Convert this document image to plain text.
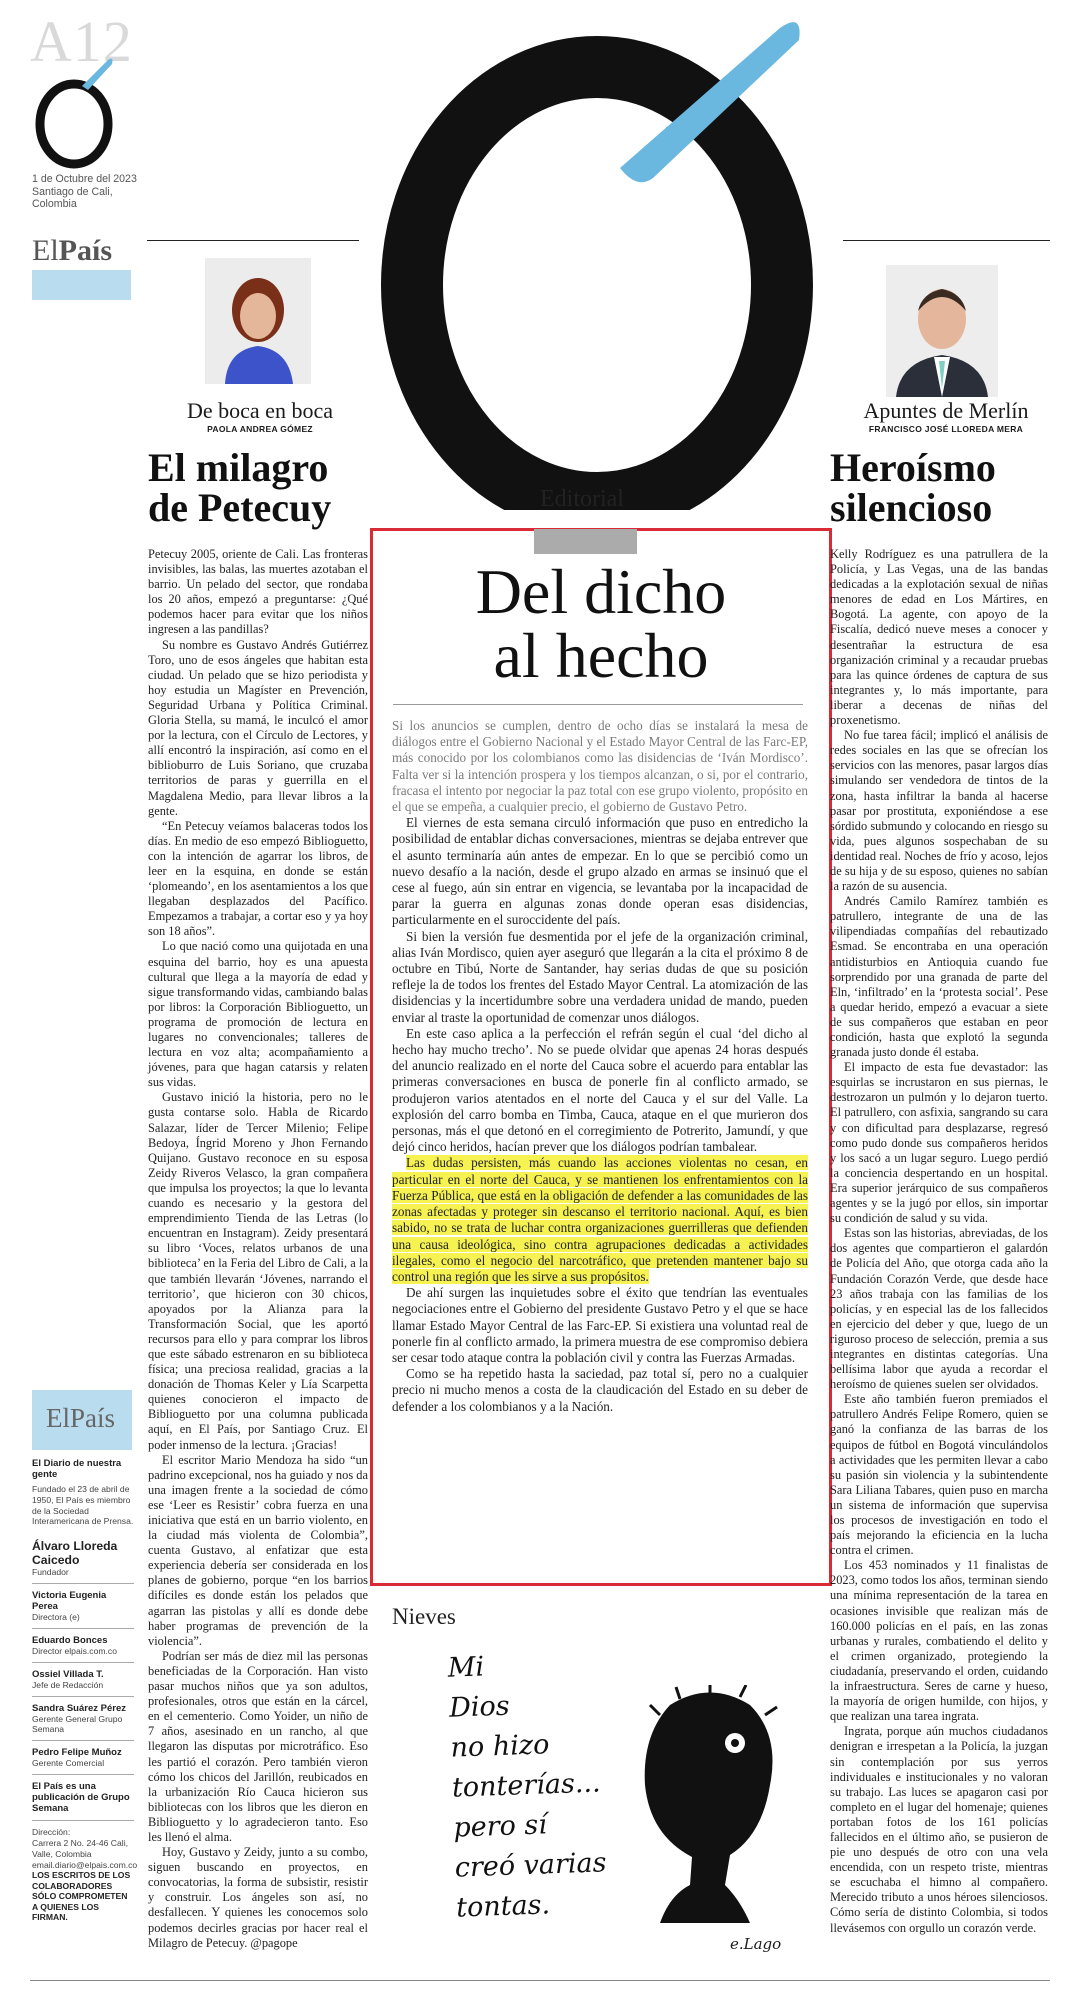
A12
1 de Octubre del 2023 Santiago de Cali, Colombia
ElPaís
De boca en boca
PAOLA ANDREA GÓMEZ
El milagro
de Petecuy

Petecuy 2005, oriente de Cali. Las fronteras invisibles, las balas, las muertes azotaban el barrio. Un pelado del sector, que rondaba los 20 años, empezó a preguntarse: ¿Qué podemos hacer para evitar que los niños ingresen a las pandillas?

Su nombre es Gustavo Andrés Gutiérrez Toro, uno de esos ángeles que habitan esta ciudad. Un pelado que se hizo periodista y hoy estudia un Magíster en Prevención, Seguridad Urbana y Política Criminal. Gloria Stella, su mamá, le inculcó el amor por la lectura, con el Círculo de Lectores, y allí encontró la inspiración, así como en el biblioburro de Luis Soriano, que cruzaba territorios de paras y guerrilla en el Magdalena Medio, para llevar libros a la gente.

“En Petecuy veíamos balaceras todos los días. En medio de eso empezó Biblioguetto, con la intención de agarrar los libros, de leer en la esquina, en donde se están ‘plomeando’, en los asentamientos a los que llegaban desplazados del Pacífico. Empezamos a trabajar, a cortar eso y ya hoy son 18 años”.

Lo que nació como una quijotada en una esquina del barrio, hoy es una apuesta cultural que llega a la mayoría de edad y sigue transformando vidas, cambiando balas por libros: la Corporación Biblioguetto, un programa de promoción de lectura en lugares no convencionales; talleres de lectura en voz alta; acompañamiento a jóvenes, para que hagan catarsis y relaten sus vidas.

Gustavo inició la historia, pero no le gusta contarse solo. Habla de Ricardo Salazar, líder de Tercer Milenio; Felipe Bedoya, Íngrid Moreno y Jhon Fernando Quijano. Gustavo reconoce en su esposa Zeidy Riveros Velasco, la gran compañera que impulsa los proyectos; la que lo levanta cuando es necesario y la gestora del emprendimiento Tienda de las Letras (lo encuentran en Instagram). Zeidy presentará su libro ‘Voces, relatos urbanos de una biblioteca’ en la Feria del Libro de Cali, a la que también llevarán ‘Jóvenes, narrando el territorio’, que hicieron con 30 chicos, apoyados por la Alianza para la Transformación Social, que les aportó recursos para ello y para comprar los libros que este sábado estrenaron en su biblioteca física; una preciosa realidad, gracias a la donación de Thomas Keler y Lía Scarpetta quienes conocieron el impacto de Biblioguetto por una columna publicada aquí, en El País, por Santiago Cruz. El poder inmenso de la lectura. ¡Gracias!

El escritor Mario Mendoza ha sido “un padrino excepcional, nos ha guiado y nos da una imagen frente a la sociedad de cómo ese ‘Leer es Resistir’ cobra fuerza en una iniciativa que está en un barrio violento, en la ciudad más violenta de Colombia”, cuenta Gustavo, al enfatizar que esta experiencia debería ser considerada en los planes de gobierno, porque “en los barrios difíciles es donde están los pelados que agarran las pistolas y allí es donde debe haber programas de prevención de la violencia”.

Podrían ser más de diez mil las personas beneficiadas de la Corporación. Han visto pasar muchos niños que ya son adultos, profesionales, otros que están en la cárcel, en el cementerio. Como Yoider, un niño de 7 años, asesinado en un rancho, al que llegaron las disputas por microtráfico. Eso les partió el corazón. Pero también vieron cómo los chicos del Jarillón, reubicados en la urbanización Río Cauca hicieron sus bibliotecas con los libros que les dieron en Biblioguetto y lo agradecieron tanto. Eso les llenó el alma.

Hoy, Gustavo y Zeidy, junto a su combo, siguen buscando en proyectos, en convocatorias, la forma de subsistir, resistir y construir. Los ángeles son así, no desfallecen. Y quienes les conocemos solo podemos decirles gracias por hacer real el Milagro de Petecuy. @pagope

Editorial
Del dicho
al hecho

Si los anuncios se cumplen, dentro de ocho días se instalará la mesa de diálogos entre el Gobierno Nacional y el Estado Mayor Central de las Farc-EP, más conocido por los colombianos como las disidencias de ‘Iván Mordisco’. Falta ver si la intención prospera y los tiempos alcanzan, o si, por el contrario, fracasa el intento por negociar la paz total con ese grupo violento, propósito en el que se empeña, a cualquier precio, el gobierno de Gustavo Petro.

El viernes de esta semana circuló información que puso en entredicho la posibilidad de entablar dichas conversaciones, mientras se dejaba entrever que el asunto terminaría aún antes de empezar. En lo que se percibió como un nuevo desafío a la nación, desde el grupo alzado en armas se insinuó que el cese al fuego, aún sin entrar en vigencia, se levantaba por la incapacidad de parar la guerra en algunas zonas donde operan esas disidencias, particularmente en el suroccidente del país.

Si bien la versión fue desmentida por el jefe de la organización criminal, alias Iván Mordisco, quien ayer aseguró que llegarán a la cita el próximo 8 de octubre en Tibú, Norte de Santander, hay serias dudas de que su posición refleje la de todos los frentes del Estado Mayor Central. La atomización de las disidencias y la incertidumbre sobre una verdadera unidad de mando, pueden enviar al traste la oportunidad de comenzar unos diálogos.

En este caso aplica a la perfección el refrán según el cual ‘del dicho al hecho hay mucho trecho’. No se puede olvidar que apenas 24 horas después del anuncio realizado en el norte del Cauca sobre el acuerdo para entablar las primeras conversaciones en busca de ponerle fin al conflicto armado, se produjeron varios atentados en el norte del Cauca y el sur del Valle. La explosión del carro bomba en Timba, Cauca, ataque en el que murieron dos personas, más el que detonó en el corregimiento de Potrerito, Jamundí, y que dejó cinco heridos, hacían prever que los diálogos podrían tambalear.

Las dudas persisten, más cuando las acciones violentas no cesan, en particular en el norte del Cauca, y se mantienen los enfrentamientos con la Fuerza Pública, que está en la obligación de defender a las comunidades de las zonas afectadas y proteger sin descanso el territorio nacional. Aquí, es bien sabido, no se trata de luchar contra organizaciones guerrilleras que defienden una causa ideológica, sino contra agrupaciones dedicadas a actividades ilegales, como el negocio del narcotráfico, que pretenden mantener bajo su control una región que les sirve a sus propósitos.

De ahí surgen las inquietudes sobre el éxito que tendrían las eventuales negociaciones entre el Gobierno del presidente Gustavo Petro y el que se hace llamar Estado Mayor Central de las Farc-EP. Si existiera una voluntad real de ponerle fin al conflicto armado, la primera muestra de ese compromiso debiera ser cesar todo ataque contra la población civil y contra las Fuerzas Armadas.

Como se ha repetido hasta la saciedad, paz total sí, pero no a cualquier precio ni mucho menos a costa de la claudicación del Estado en su deber de defender a los colombianos y a la Nación.

Nieves
Mi
Dios
no hizo
tonterías...
pero sí
creó varias
tontas.
e.Lago
Apuntes de Merlín
FRANCISCO JOSÉ LLOREDA MERA
Heroísmo
silencioso

Kelly Rodríguez es una patrullera de la Policía, y Las Vegas, una de las bandas dedicadas a la explotación sexual de niñas menores de edad en Los Mártires, en Bogotá. La agente, con apoyo de la Fiscalía, dedicó nueve meses a conocer y desentrañar la estructura de esa organización criminal y a recaudar pruebas para las quince órdenes de captura de sus integrantes y, lo más importante, para liberar a decenas de niñas del proxenetismo.

No fue tarea fácil; implicó el análisis de redes sociales en las que se ofrecían los servicios con las menores, pasar largos días simulando ser vendedora de tintos de la zona, hasta infiltrar la banda al hacerse pasar por prostituta, exponiéndose a ese sórdido submundo y colocando en riesgo su vida, pues algunos sospechaban de su identidad real. Noches de frío y acoso, lejos de su hija y de su esposo, quienes no sabían la razón de su ausencia.

Andrés Camilo Ramírez también es patrullero, integrante de una de las vilipendiadas compañías del rebautizado Esmad. Se encontraba en una operación antidisturbios en Antioquia cuando fue sorprendido por una granada de parte del Eln, ‘infiltrado’ en la ‘protesta social’. Pese a quedar herido, empezó a evacuar a siete de sus compañeros que estaban en peor condición, hasta que explotó la segunda granada justo donde él estaba.

El impacto de esta fue devastador: las esquirlas se incrustaron en sus piernas, le destrozaron un pulmón y lo dejaron tuerto. El patrullero, con asfixia, sangrando su cara y con dificultad para desplazarse, regresó como pudo donde sus compañeros heridos y los sacó a un lugar seguro. Luego perdió la conciencia despertando en un hospital. Era superior jerárquico de sus compañeros agentes y se la jugó por ellos, sin importar su condición de salud y su vida.

Estas son las historias, abreviadas, de los dos agentes que compartieron el galardón de Policía del Año, que otorga cada año la Fundación Corazón Verde, que desde hace 23 años trabaja con las familias de los policías, y en especial las de los fallecidos en ejercicio del deber y que, luego de un riguroso proceso de selección, premia a sus integrantes en distintas categorías. Una bellísima labor que ayuda a recordar el heroísmo de quienes suelen ser olvidados.

Este año también fueron premiados el patrullero Andrés Felipe Romero, quien se ganó la confianza de las barras de los equipos de fútbol en Bogotá vinculándolos a actividades que les permiten llevar a cabo su pasión sin violencia y la subintendente Sara Liliana Tabares, quien puso en marcha un sistema de información que supervisa los procesos de investigación en todo el país mejorando la eficiencia en la lucha contra el crimen.

Los 453 nominados y 11 finalistas de 2023, como todos los años, terminan siendo una mínima representación de la tarea en ocasiones invisible que realizan más de 160.000 policías en el país, en las zonas urbanas y rurales, combatiendo el delito y el crimen organizado, protegiendo la ciudadanía, preservando el orden, cuidando la infraestructura. Seres de carne y hueso, la mayoría de origen humilde, con hijos, y que realizan una tarea ingrata.

Ingrata, porque aún muchos ciudadanos denigran e irrespetan a la Policía, la juzgan sin contemplación por sus yerros individuales e institucionales y no valoran su trabajo. Las luces se apagaron casi por completo en el lugar del homenaje; quienes portaban fotos de los 161 policías fallecidos en el último año, se pusieron de pie uno después de otro con una vela encendida, con un respeto triste, mientras se escuchaba el himno al compañero. Merecido tributo a unos héroes silenciosos. Cómo sería de distinto Colombia, si todos llevásemos con orgullo un corazón verde.

ElPaís
El Diario de nuestra gente
Fundado el 23 de abril de 1950, El País es miembro de la Sociedad Interamericana de Prensa.
Álvaro Lloreda Caicedo
Fundador
Victoria Eugenia Perea
Directora (e)
Eduardo Bonces
Director elpais.com.co
Ossiel Villada T.
Jefe de Redacción
Sandra Suárez Pérez
Gerente General Grupo Semana
Pedro Felipe Muñoz
Gerente Comercial
El País es una publicación de Grupo Semana
Dirección:
Carrera 2 No. 24-46 Cali, Valle, Colombia
email.diario@elpais.com.co
LOS ESCRITOS DE LOS COLABORADORES SÓLO COMPROMETEN A QUIENES LOS FIRMAN.
